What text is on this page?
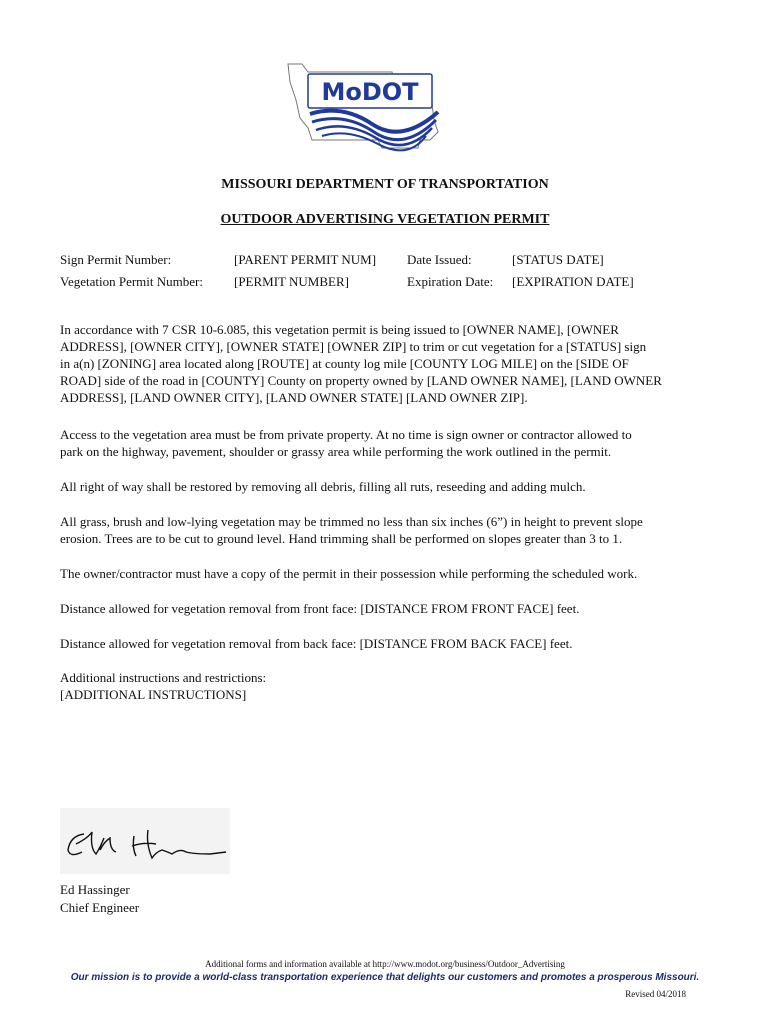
MoDOT
MISSOURI DEPARTMENT OF TRANSPORTATION
OUTDOOR ADVERTISING VEGETATION PERMIT
Sign Permit Number:	[PARENT PERMIT NUM] Date Issued:	[STATUS DATE]
Vegetation Permit Number: [PERMIT NUMBER]	Expiration Date: [EXPIRATION DATE]
In accordance with 7 CSR 10-6.085, this vegetation permit is being issued to [OWNER NAME], [OWNER
ADDRESS], [OWNER CITY], [OWNER STATE] [OWNER ZIP] to trim or cut vegetation for a [STATUS] sign
in a(n) [ZONING] area located along [ROUTE] at county log mile [COUNTY LOG MILE] on the [SIDE OF
ROAD] side of the road in [COUNTY] County on property owned by [LAND OWNER NAME], [LAND OWNER
ADDRESS], [LAND OWNER CITY], [LAND OWNER STATE] [LAND OWNER ZIP].
Access to the vegetation area must be from private property. At no time is sign owner or contractor allowed to
park on the highway, pavement, shoulder or grassy area while performing the work outlined in the permit.
All right of way shall be restored by removing all debris, filling all ruts, reseeding and adding mulch.
All grass, brush and low-lying vegetation may be trimmed no less than six inches (6”) in height to prevent slope
erosion. Trees are to be cut to ground level. Hand trimming shall be performed on slopes greater than 3 to 1.
The owner/contractor must have a copy of the permit in their possession while performing the scheduled work.
Distance allowed for vegetation removal from front face: [DISTANCE FROM FRONT FACE] feet.
Distance allowed for vegetation removal from back face: [DISTANCE FROM BACK FACE] feet.
Additional instructions and restrictions:
[ADDITIONAL INSTRUCTIONS]
Ed Hassinger
Chief Engineer
Additional forms and information available at http://www.modot.org/business/Outdoor_Advertising
Our mission is to provide a world-class transportation experience that delights our customers and promotes a prosperous Missouri.
Revised 04/2018
